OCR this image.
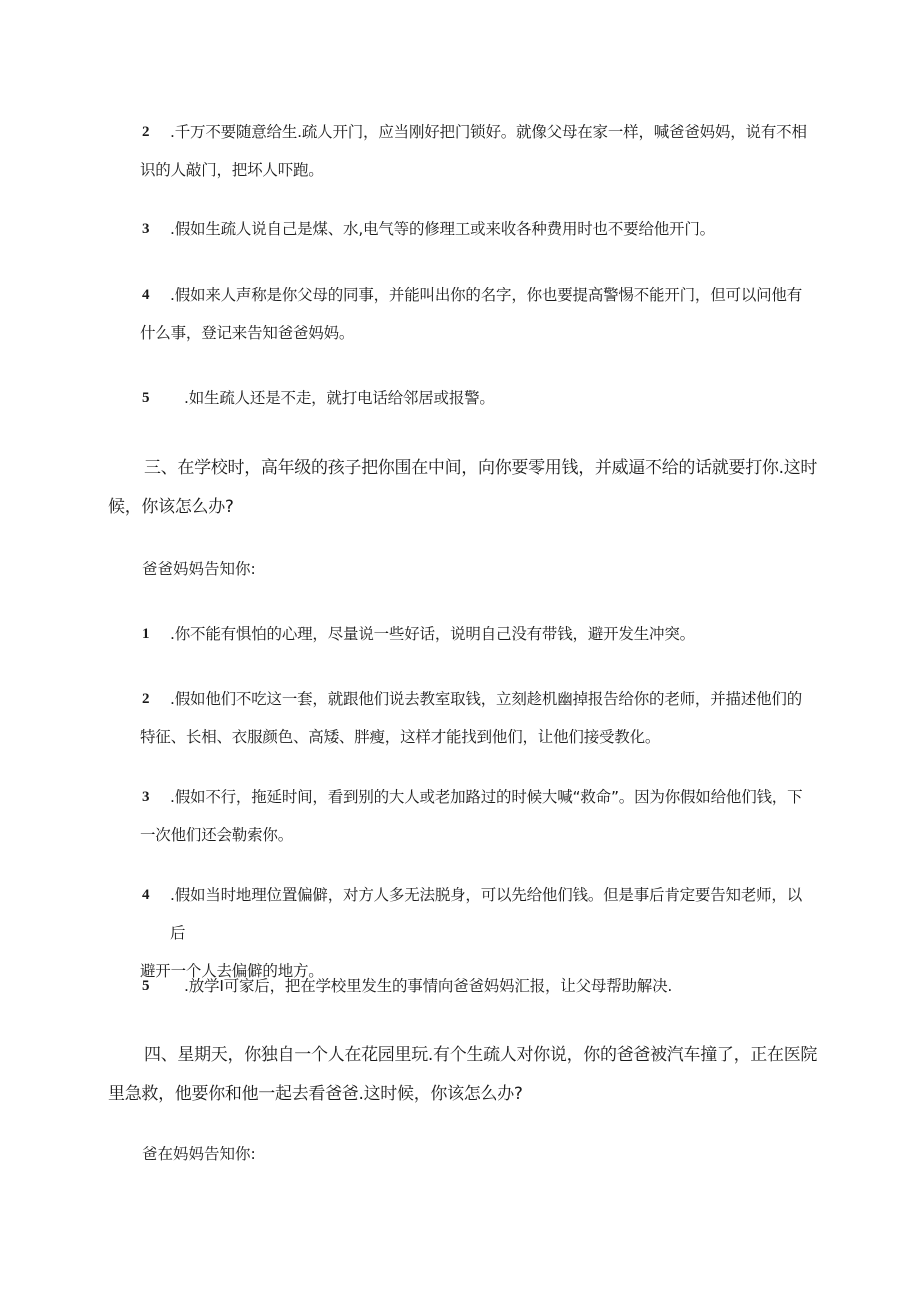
2 .千万不要随意给生.疏人开门，应当刚好把门锁好。就像父母在家一样，喊爸爸妈妈，说有不相
识的人敲门，把坏人吓跑。
3 .假如生疏人说自己是煤、水,电气等的修理工或来收各种费用时也不要给他开门。
4 .假如来人声称是你父母的同事，并能叫出你的名字，你也要提高警惕不能开门，但可以问他有
什么事，登记来告知爸爸妈妈。
5 .如生疏人还是不走，就打电话给邻居或报警。
三、在学校时，高年级的孩子把你围在中间，向你要零用钱，并威逼不给的话就要打你.这时候，你该怎么办?
爸爸妈妈告知你:
1 .你不能有惧怕的心理，尽量说一些好话，说明自己没有带钱，避开发生冲突。
2 .假如他们不吃这一套，就跟他们说去教室取钱，立刻趁机幽掉报告给你的老师，并描述他们的
特征、长相、衣服颜色、高矮、胖瘦，这样才能找到他们，让他们接受教化。
3 .假如不行，拖延时间，看到别的大人或老加路过的时候大喊“救命”。因为你假如给他们钱，下
一次他们还会勒索你。
4 .假如当时地理位置偏僻，对方人多无法脱身，可以先给他们钱。但是事后肯定要告知老师，以后
避开一个人去偏僻的地方。
5 .放学I可家后，把在学校里发生的事情向爸爸妈妈汇报，让父母帮助解决.
四、星期天，你独自一个人在花园里玩.有个生疏人对你说，你的爸爸被汽车撞了，正在医院里急救，他要你和他一起去看爸爸.这时候，你该怎么办?
爸在妈妈告知你:
